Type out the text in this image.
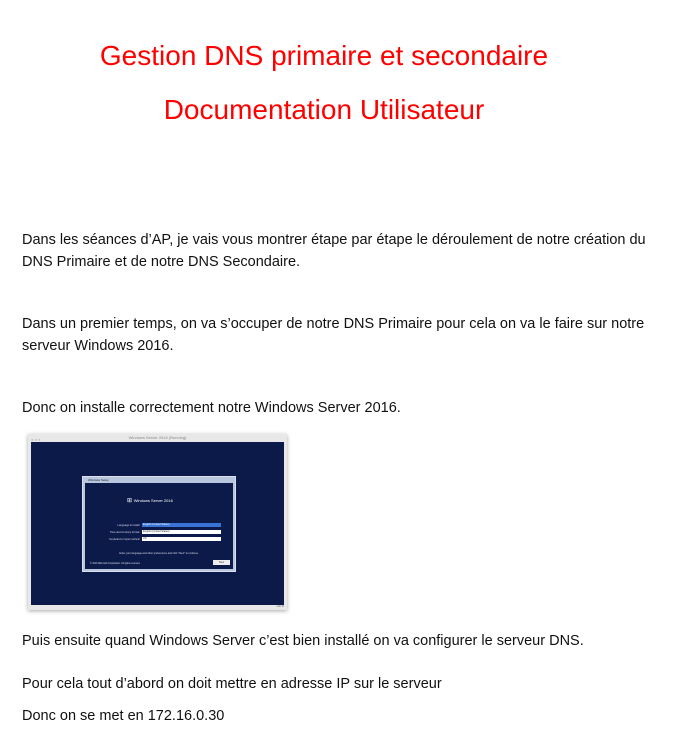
Gestion DNS primaire et secondaire
Documentation Utilisateur
Dans les séances d’AP, je vais vous montrer étape par étape le déroulement de notre création du DNS Primaire et de notre DNS Secondaire.
Dans un premier temps, on va s’occuper de notre DNS Primaire pour cela on va le faire sur notre serveur Windows 2016.
Donc on installe correctement notre Windows Server 2016.
● ● ●	Windows Server 2016 (Running)
Windows Setup
⊞ Windows Server 2016
Language to install:	English (United States)
Time and currency format:	English (United States)
Keyboard or input method:	US
Enter your language and other preferences and click "Next" to continue.
© 2016 Microsoft Corporation. All rights reserved.	Next
Left ⌘
Puis ensuite quand Windows Server c’est bien installé on va configurer le serveur DNS.
Pour cela tout d’abord on doit mettre en adresse IP sur le serveur
Donc on se met en 172.16.0.30
